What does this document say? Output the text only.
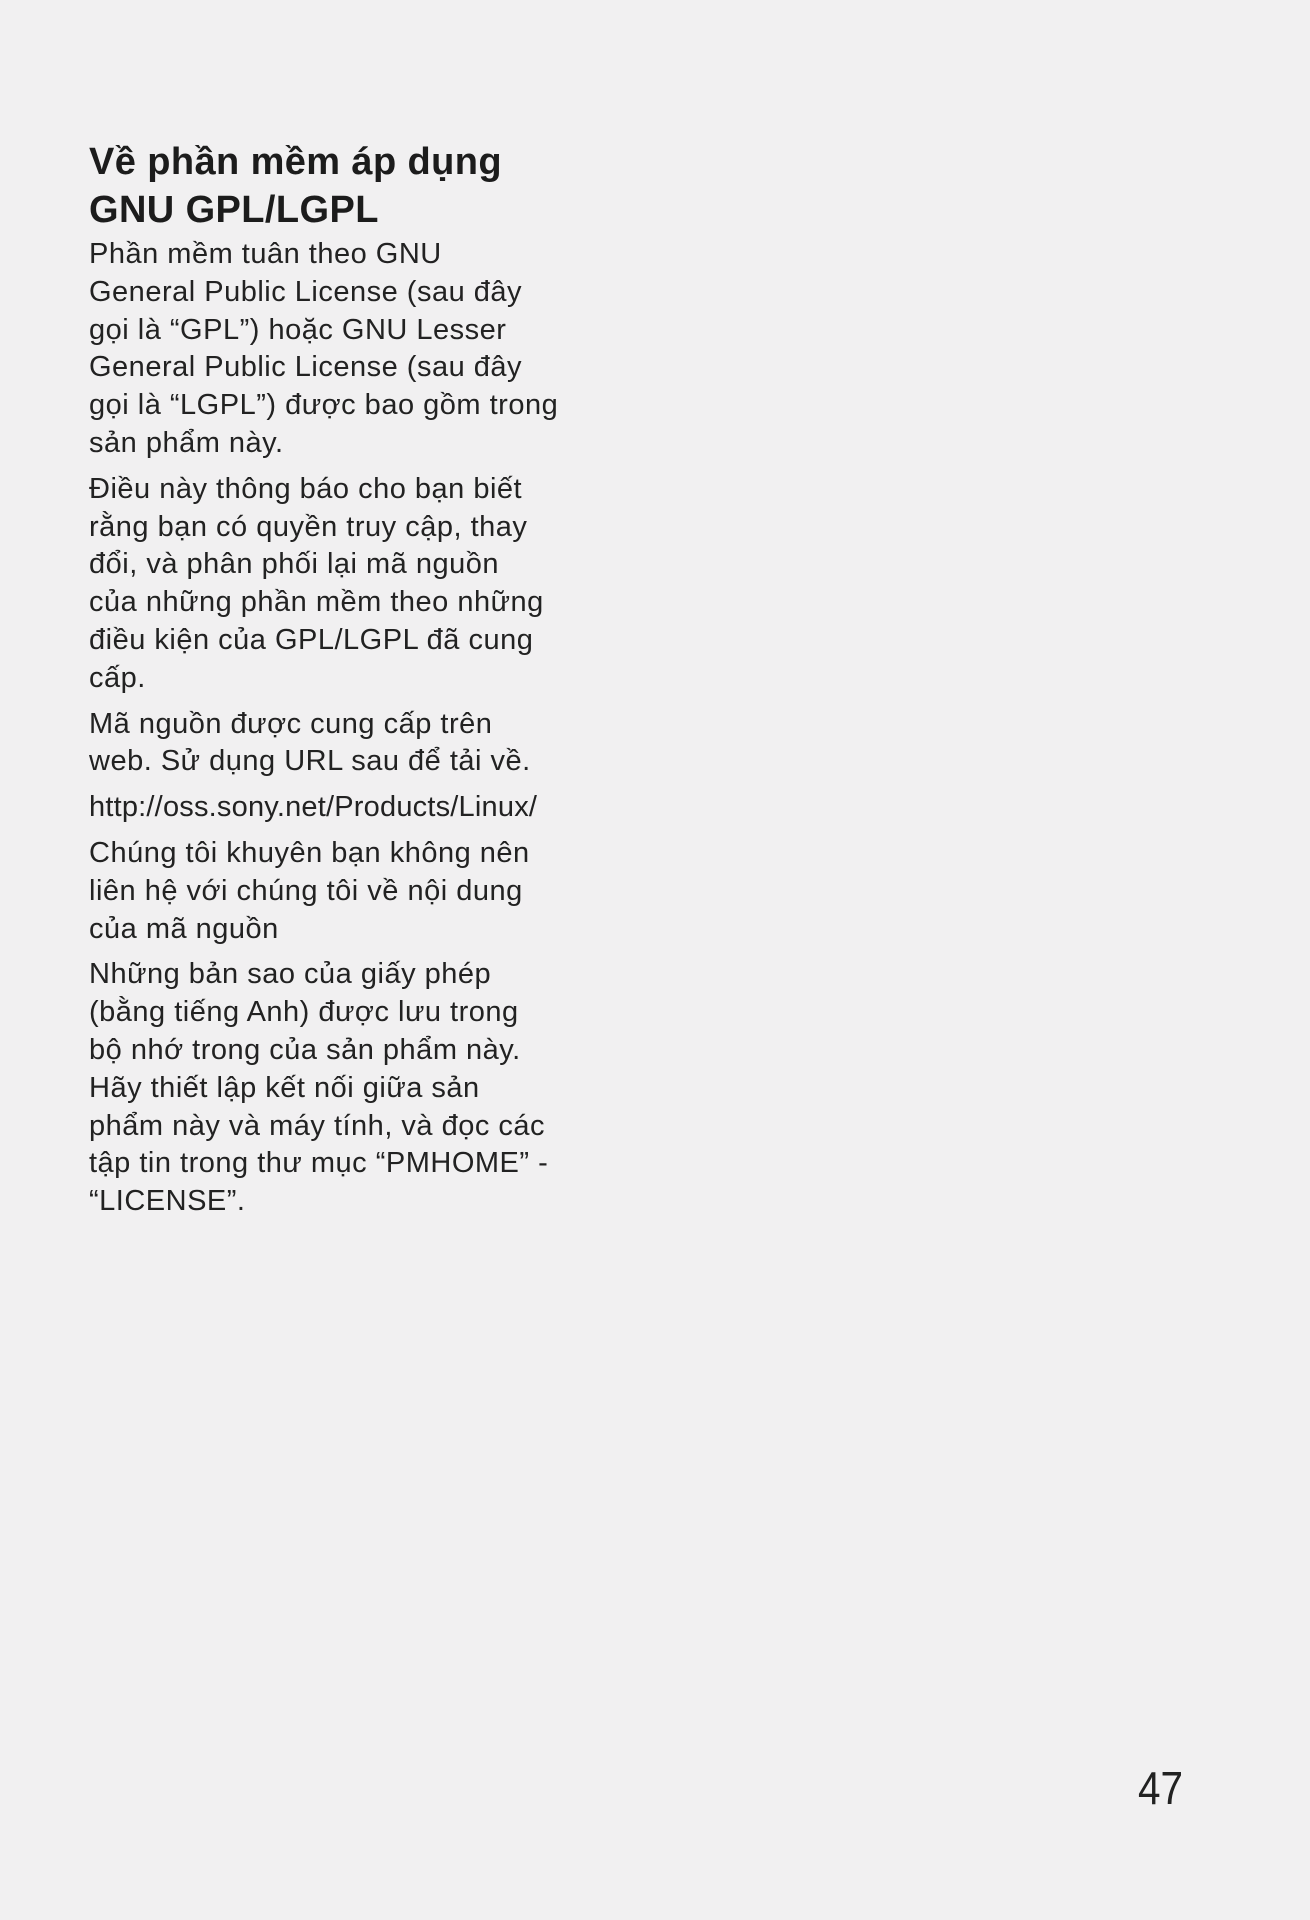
Về phần mềm áp dụng
GNU GPL/LGPL

Phần mềm tuân theo GNU
General Public License (sau đây
gọi là “GPL”) hoặc GNU Lesser
General Public License (sau đây
gọi là “LGPL”) được bao gồm trong
sản phẩm này.

Điều này thông báo cho bạn biết
rằng bạn có quyền truy cập, thay
đổi, và phân phối lại mã nguồn
của những phần mềm theo những
điều kiện của GPL/LGPL đã cung
cấp.

Mã nguồn được cung cấp trên
web. Sử dụng URL sau để tải về.

http://oss.sony.net/Products/Linux/

Chúng tôi khuyên bạn không nên
liên hệ với chúng tôi về nội dung
của mã nguồn

Những bản sao của giấy phép
(bằng tiếng Anh) được lưu trong
bộ nhớ trong của sản phẩm này.
Hãy thiết lập kết nối giữa sản
phẩm này và máy tính, và đọc các
tập tin trong thư mục “PMHOME” -
“LICENSE”.

47
